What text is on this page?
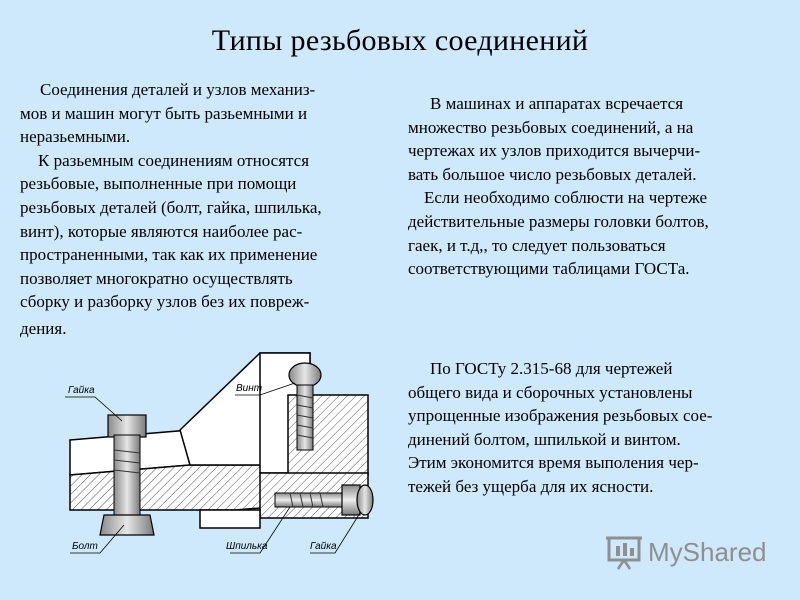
Типы резьбовых соединений
Соединения деталей и узлов механиз-
мов и машин могут быть разьемными и
неразьемными.
К разьемным соединениям относятся
резьбовые, выполненные при помощи
резьбовых деталей (болт, гайка, шпилька,
винт), которые являются наиболее рас-
пространенными, так как их применение
позволяет многократно осуществлять
сборку и разборку узлов без их повреж-
дения.
В машинах и аппаратах всречается
множество резьбовых соединений, а на
чертежах их узлов приходится вычерчи-
вать большое число резьбовых деталей.
Если необходимо соблюсти на чертеже
действительные размеры головки болтов,
гаек, и т.д,, то следует пользоваться
соответствующими таблицами ГОСТа.
По ГОСТу 2.315-68 для чертежей
общего вида и сборочных установлены
упрощенные изображения резьбовых сое-
динений болтом, шпилькой и винтом.
Этим экономится время выполения чер-
тежей без ущерба для их ясности.
Гайка	Винт
Болт	Шпилька	Гайка	MyShared
